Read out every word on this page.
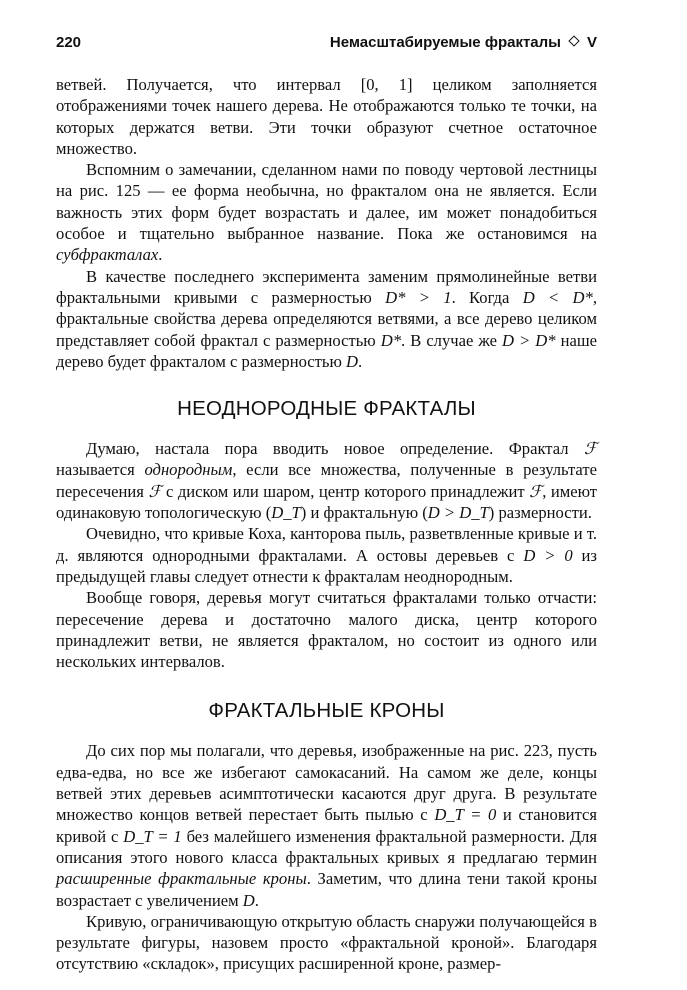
220	Немасштабируемые фракталы V

ветвей. Получается, что интервал [0, 1] целиком заполняется отображениями точек нашего дерева. Не отображаются только те точки, на которых держатся ветви. Эти точки образуют счетное остаточное множество.

Вспомним о замечании, сделанном нами по поводу чертовой лестницы на рис. 125 — ее форма необычна, но фракталом она не является. Если важность этих форм будет возрастать и далее, им может понадобиться особое и тщательно выбранное название. Пока же остановимся на субфракталах.

В качестве последнего эксперимента заменим прямолинейные ветви фрактальными кривыми с размерностью D* > 1. Когда D < D*, фрактальные свойства дерева определяются ветвями, а все дерево целиком представляет собой фрактал с размерностью D*. В случае же D > D* наше дерево будет фракталом с размерностью D.

НЕОДНОРОДНЫЕ ФРАКТАЛЫ

Думаю, настала пора вводить новое определение. Фрактал ℱ называется однородным, если все множества, полученные в результате пересечения ℱ с диском или шаром, центр которого принадлежит ℱ, имеют одинаковую топологическую (D_T) и фрактальную (D > D_T) размерности.

Очевидно, что кривые Коха, канторова пыль, разветвленные кривые и т. д. являются однородными фракталами. А остовы деревьев с D > 0 из предыдущей главы следует отнести к фракталам неоднородным.

Вообще говоря, деревья могут считаться фракталами только отчасти: пересечение дерева и достаточно малого диска, центр которого принадлежит ветви, не является фракталом, но состоит из одного или нескольких интервалов.

ФРАКТАЛЬНЫЕ КРОНЫ

До сих пор мы полагали, что деревья, изображенные на рис. 223, пусть едва-едва, но все же избегают самокасаний. На самом же деле, концы ветвей этих деревьев асимптотически касаются друг друга. В результате множество концов ветвей перестает быть пылью с D_T = 0 и становится кривой с D_T = 1 без малейшего изменения фрактальной размерности. Для описания этого нового класса фрактальных кривых я предлагаю термин расширенные фрактальные кроны. Заметим, что длина тени такой кроны возрастает с увеличением D.

Кривую, ограничивающую открытую область снаружи получающейся в результате фигуры, назовем просто «фрактальной кроной». Благодаря отсутствию «складок», присущих расширенной кроне, размер-
